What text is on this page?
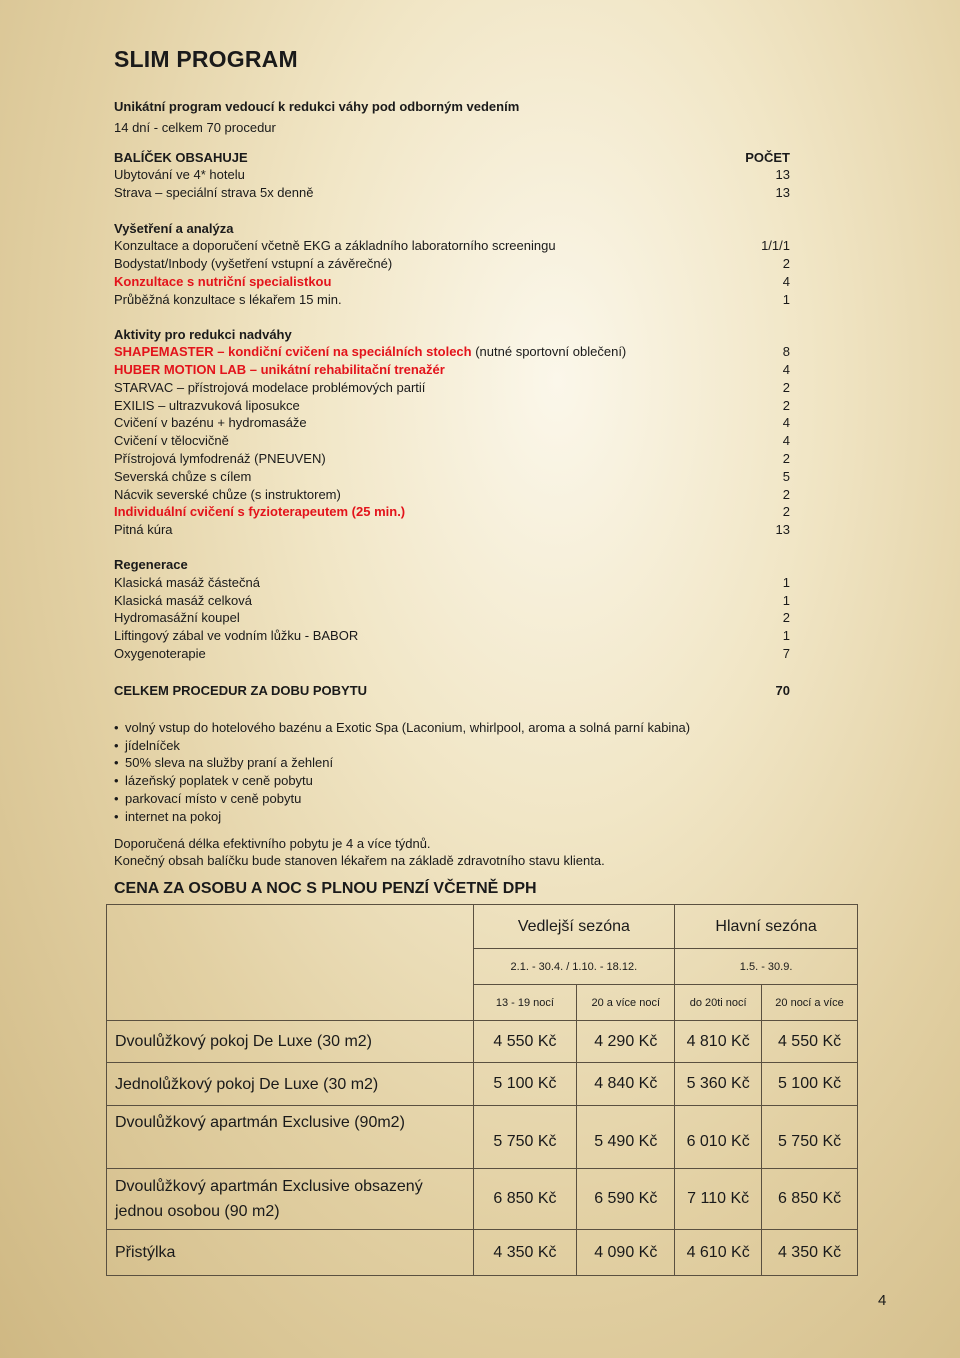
SLIM PROGRAM
Unikátní program vedoucí k redukci váhy pod odborným vedením
14 dní - celkem 70 procedur
BALÍČEK OBSAHUJE	POČET
Ubytování ve 4* hotelu	13
Strava – speciální strava 5x denně	13
Vyšetření a analýza
Konzultace a doporučení včetně EKG a základního laboratorního screeningu	1/1/1
Bodystat/Inbody (vyšetření vstupní a závěrečné)	2
Konzultace s nutriční specialistkou	4
Průběžná konzultace s lékařem 15 min.	1
Aktivity pro redukci nadváhy
SHAPEMASTER – kondiční cvičení na speciálních stolech (nutné sportovní oblečení)	8
HUBER MOTION LAB – unikátní rehabilitační trenažér	4
STARVAC – přístrojová modelace problémových partií	2
EXILIS – ultrazvuková liposukce	2
Cvičení v bazénu + hydromasáže	4
Cvičení v tělocvičně	4
Přístrojová lymfodrenáž (PNEUVEN)	2
Severská chůze s cílem	5
Nácvik severské chůze (s instruktorem)	2
Individuální cvičení s fyzioterapeutem (25 min.)	2
Pitná kúra	13
Regenerace
Klasická masáž částečná	1
Klasická masáž celková	1
Hydromasážní koupel	2
Liftingový zábal ve vodním lůžku - BABOR	1
Oxygenoterapie	7
CELKEM PROCEDUR ZA DOBU POBYTU	70
• volný vstup do hotelového bazénu a Exotic Spa (Laconium, whirlpool, aroma a solná parní kabina)
• jídelníček
• 50% sleva na služby praní a žehlení
• lázeňský poplatek v ceně pobytu
• parkovací místo v ceně pobytu
• internet na pokoj
Doporučená délka efektivního pobytu je 4 a více týdnů.
Konečný obsah balíčku bude stanoven lékařem na základě zdravotního stavu klienta.
CENA ZA OSOBU A NOC S PLNOU PENZÍ VČETNĚ DPH
	Vedlejší sezóna		Hlavní sezóna	
	2.1. - 30.4. / 1.10. - 18.12.		1.5. - 30.9.	
	13 - 19 nocí	20 a více nocí	do 20ti nocí	20 nocí a více
Dvoulůžkový pokoj De Luxe (30 m2)	4 550 Kč	4 290 Kč	4 810 Kč	4 550 Kč
Jednolůžkový pokoj De Luxe (30 m2)	5 100 Kč	4 840 Kč	5 360 Kč	5 100 Kč
Dvoulůžkový apartmán Exclusive (90m2)	5 750 Kč	5 490 Kč	6 010 Kč	5 750 Kč

Dvoulůžkový apartmán Exclusive obsazený
jednou osobou (90 m2)	6 850 Kč	6 590 Kč	7 110 Kč	6 850 Kč
Přistýlka	4 350 Kč	4 090 Kč	4 610 Kč	4 350 Kč
4
